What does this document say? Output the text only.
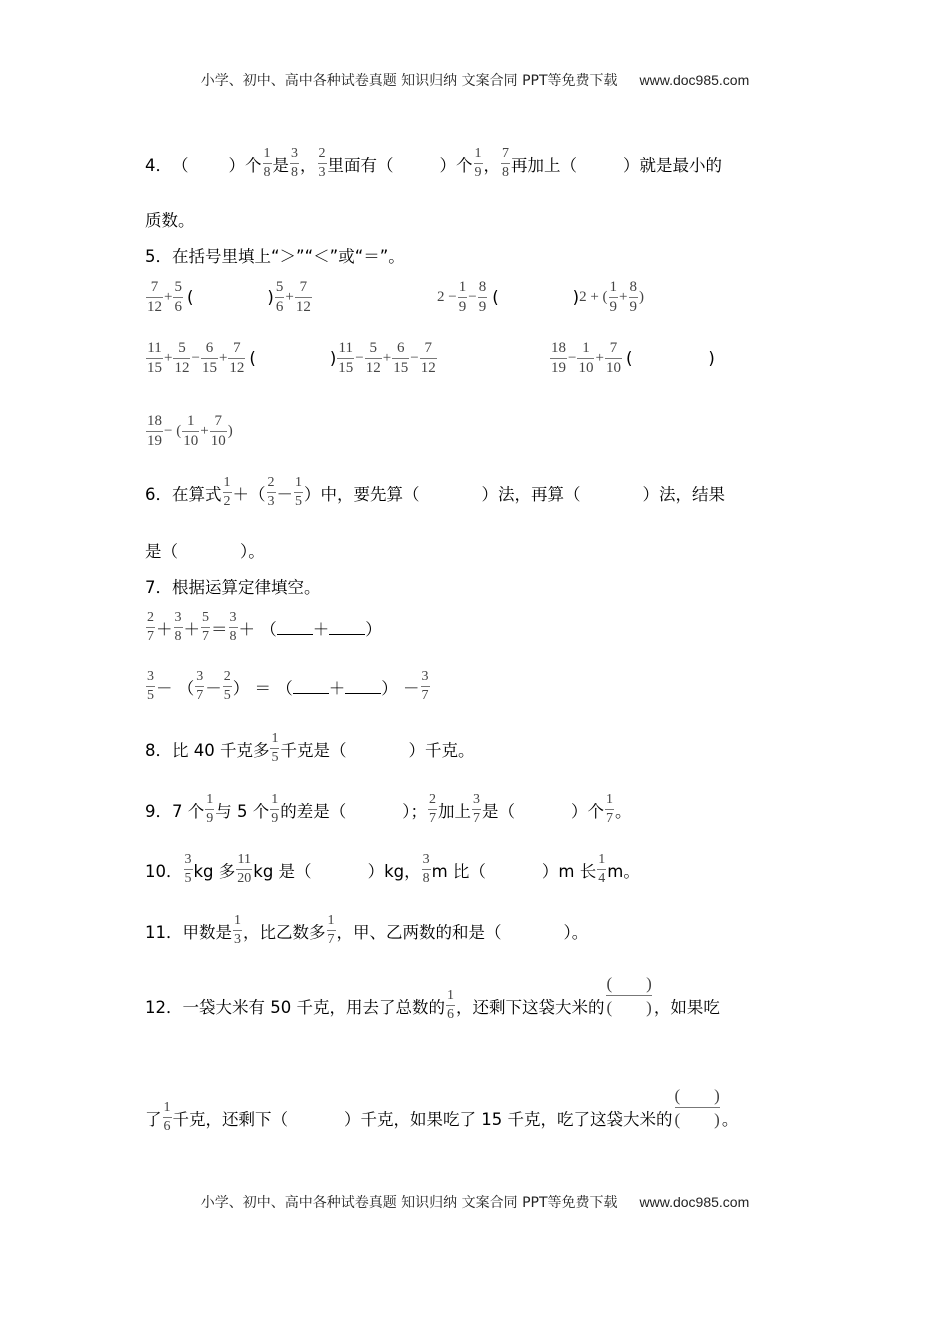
小学、初中、高中各种试卷真题 知识归纳 文案合同 PPT等免费下载 www.doc985.com
4． （ ）个 $\frac{1}{8}$ 是 $\frac{3}{8}$ ， $\frac{2}{3}$ 里面有（	）个 $\frac{1}{9}$ ， $\frac{7}{8}$ 再加上（	）就是最小的
质数。
5．在括号里填上“＞”“＜”或“＝”。
$\frac{7}{12} + \frac{5}{6}$ (	) $\frac{5}{6} + \frac{7}{12}$	$2 - \frac{1}{9} - \frac{8}{9}$ (	) 2 + ( $\frac{1}{9} + \frac{8}{9}$ )
$\frac{11}{15} + \frac{5}{12} - \frac{6}{15} + \frac{7}{12}$ (	) $\frac{11}{15} - \frac{5}{12} + \frac{6}{15} - \frac{7}{12}$	$\frac{18}{19} - \frac{1}{10} + \frac{7}{10}$ (	)
$\frac{18}{19}$ − ( $\frac{1}{10} + \frac{7}{10}$ )
6．在算式 $\frac{1}{2}$ ＋（ $\frac{2}{3} - \frac{1}{5}$ ）中，要先算（	）法，再算（	）法，结果
是（	）。
7．根据运算定律填空。
$\frac{2}{7} + \frac{3}{8} + \frac{5}{7} = \frac{3}{8}$ ＋ （ ＋ ）
$\frac{3}{5}$ － （ $\frac{3}{7} - \frac{2}{5}$ ） ＝ （ ＋ ） － $\frac{3}{7}$
8．比 40 千克多 $\frac{1}{5}$ 千克是（	）千克。
9．7 个 $\frac{1}{9}$ 与 5 个 $\frac{1}{9}$ 的差是（	）； $\frac{2}{7}$ 加上 $\frac{3}{7}$ 是（	）个 $\frac{1}{7}$ 。
10． $\frac{3}{5}$ kg 多 $\frac{11}{20}$ kg 是（	）kg， $\frac{3}{8}$ m 比（	）m 长 $\frac{1}{4}$ m。
11．甲数是 $\frac{1}{3}$ ，比乙数多 $\frac{1}{7}$ ，甲、乙两数的和是（	）。
12．一袋大米有 50 千克，用去了总数的 $\frac{1}{6}$ ，还剩下这袋大米的
(　　)
(　　) ，如果吃
了 $\frac{1}{6}$ 千克，还剩下（	）千克，如果吃了 15 千克，吃了这袋大米的
(　　)
(　　) 。
小学、初中、高中各种试卷真题 知识归纳 文案合同 PPT等免费下载 www.doc985.com
